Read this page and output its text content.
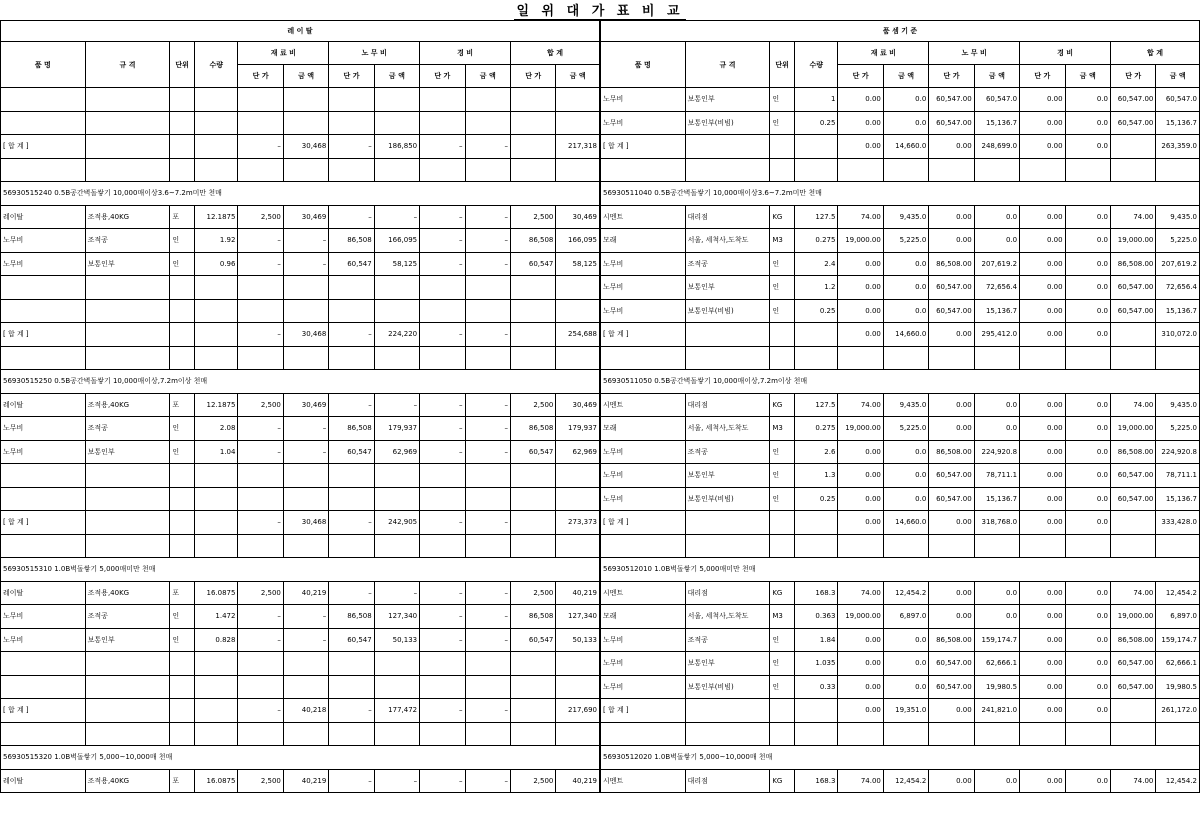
일 위 대 가 표 비 교
레 이 탈											
품 명	규 격	단위	수량	재 료 비		노 무 비		경 비		합 계	
				단 가	금 액	단 가	금 액	단 가	금 액	단 가	금 액

[ 합 계 ]				–	30,468	–	186,850	–	–		217,318

56930515240 0.5B공간벽돌쌓기 10,000매이상3.6~7.2m미만 천매											
레이탈	조적용,40KG	포	12.1875	2,500	30,469	–	–	–	–	2,500	30,469
노무비	조적공	인	1.92	–	–	86,508	166,095	–	–	86,508	166,095
노무비	보통인부	인	0.96	–	–	60,547	58,125	–	–	60,547	58,125

[ 합 계 ]				–	30,468	–	224,220	–	–		254,688

56930515250 0.5B공간벽돌쌓기 10,000매이상,7.2m이상 천매											
레이탈	조적용,40KG	포	12.1875	2,500	30,469	–	–	–	–	2,500	30,469
노무비	조적공	인	2.08	–	–	86,508	179,937	–	–	86,508	179,937
노무비	보통인부	인	1.04	–	–	60,547	62,969	–	–	60,547	62,969

[ 합 계 ]				–	30,468	–	242,905	–	–		273,373

56930515310 1.0B벽돌쌓기 5,000매미만 천매											
레이탈	조적용,40KG	포	16.0875	2,500	40,219	–	–	–	–	2,500	40,219
노무비	조적공	인	1.472	–	–	86,508	127,340	–	–	86,508	127,340
노무비	보통인부	인	0.828	–	–	60,547	50,133	–	–	60,547	50,133

[ 합 계 ]				–	40,218	–	177,472	–	–		217,690

56930515320 1.0B벽돌쌓기 5,000~10,000매 천매											
레이탈	조적용,40KG	포	16.0875	2,500	40,219	–	–	–	–	2,500	40,219
품 셈 기 준											
품 명	규 격	단위	수량	재 료 비		노 무 비		경 비		합 계	
				단 가	금 액	단 가	금 액	단 가	금 액	단 가	금 액
노무비	보통인부	인	1	0.00	0.0	60,547.00	60,547.0	0.00	0.0	60,547.00	60,547.0
노무비	보통인부(비빔)	인	0.25	0.00	0.0	60,547.00	15,136.7	0.00	0.0	60,547.00	15,136.7
[ 합 계 ]				0.00	14,660.0	0.00	248,699.0	0.00	0.0		263,359.0

56930511040 0.5B공간벽돌쌓기 10,000매이상3.6~7.2m미만 천매											
시멘트	대리점	KG	127.5	74.00	9,435.0	0.00	0.0	0.00	0.0	74.00	9,435.0
모래	서울, 세척사,도착도	M3	0.275	19,000.00	5,225.0	0.00	0.0	0.00	0.0	19,000.00	5,225.0
노무비	조적공	인	2.4	0.00	0.0	86,508.00	207,619.2	0.00	0.0	86,508.00	207,619.2
노무비	보통인부	인	1.2	0.00	0.0	60,547.00	72,656.4	0.00	0.0	60,547.00	72,656.4
노무비	보통인부(비빔)	인	0.25	0.00	0.0	60,547.00	15,136.7	0.00	0.0	60,547.00	15,136.7
[ 합 계 ]				0.00	14,660.0	0.00	295,412.0	0.00	0.0		310,072.0

56930511050 0.5B공간벽돌쌓기 10,000매이상,7.2m이상 천매											
시멘트	대리점	KG	127.5	74.00	9,435.0	0.00	0.0	0.00	0.0	74.00	9,435.0
모래	서울, 세척사,도착도	M3	0.275	19,000.00	5,225.0	0.00	0.0	0.00	0.0	19,000.00	5,225.0
노무비	조적공	인	2.6	0.00	0.0	86,508.00	224,920.8	0.00	0.0	86,508.00	224,920.8
노무비	보통인부	인	1.3	0.00	0.0	60,547.00	78,711.1	0.00	0.0	60,547.00	78,711.1
노무비	보통인부(비빔)	인	0.25	0.00	0.0	60,547.00	15,136.7	0.00	0.0	60,547.00	15,136.7
[ 합 계 ]				0.00	14,660.0	0.00	318,768.0	0.00	0.0		333,428.0

56930512010 1.0B벽돌쌓기 5,000매미만 천매											
시멘트	대리점	KG	168.3	74.00	12,454.2	0.00	0.0	0.00	0.0	74.00	12,454.2
모래	서울, 세척사,도착도	M3	0.363	19,000.00	6,897.0	0.00	0.0	0.00	0.0	19,000.00	6,897.0
노무비	조적공	인	1.84	0.00	0.0	86,508.00	159,174.7	0.00	0.0	86,508.00	159,174.7
노무비	보통인부	인	1.035	0.00	0.0	60,547.00	62,666.1	0.00	0.0	60,547.00	62,666.1
노무비	보통인부(비빔)	인	0.33	0.00	0.0	60,547.00	19,980.5	0.00	0.0	60,547.00	19,980.5
[ 합 계 ]				0.00	19,351.0	0.00	241,821.0	0.00	0.0		261,172.0

56930512020 1.0B벽돌쌓기 5,000~10,000매 천매											
시멘트	대리점	KG	168.3	74.00	12,454.2	0.00	0.0	0.00	0.0	74.00	12,454.2
